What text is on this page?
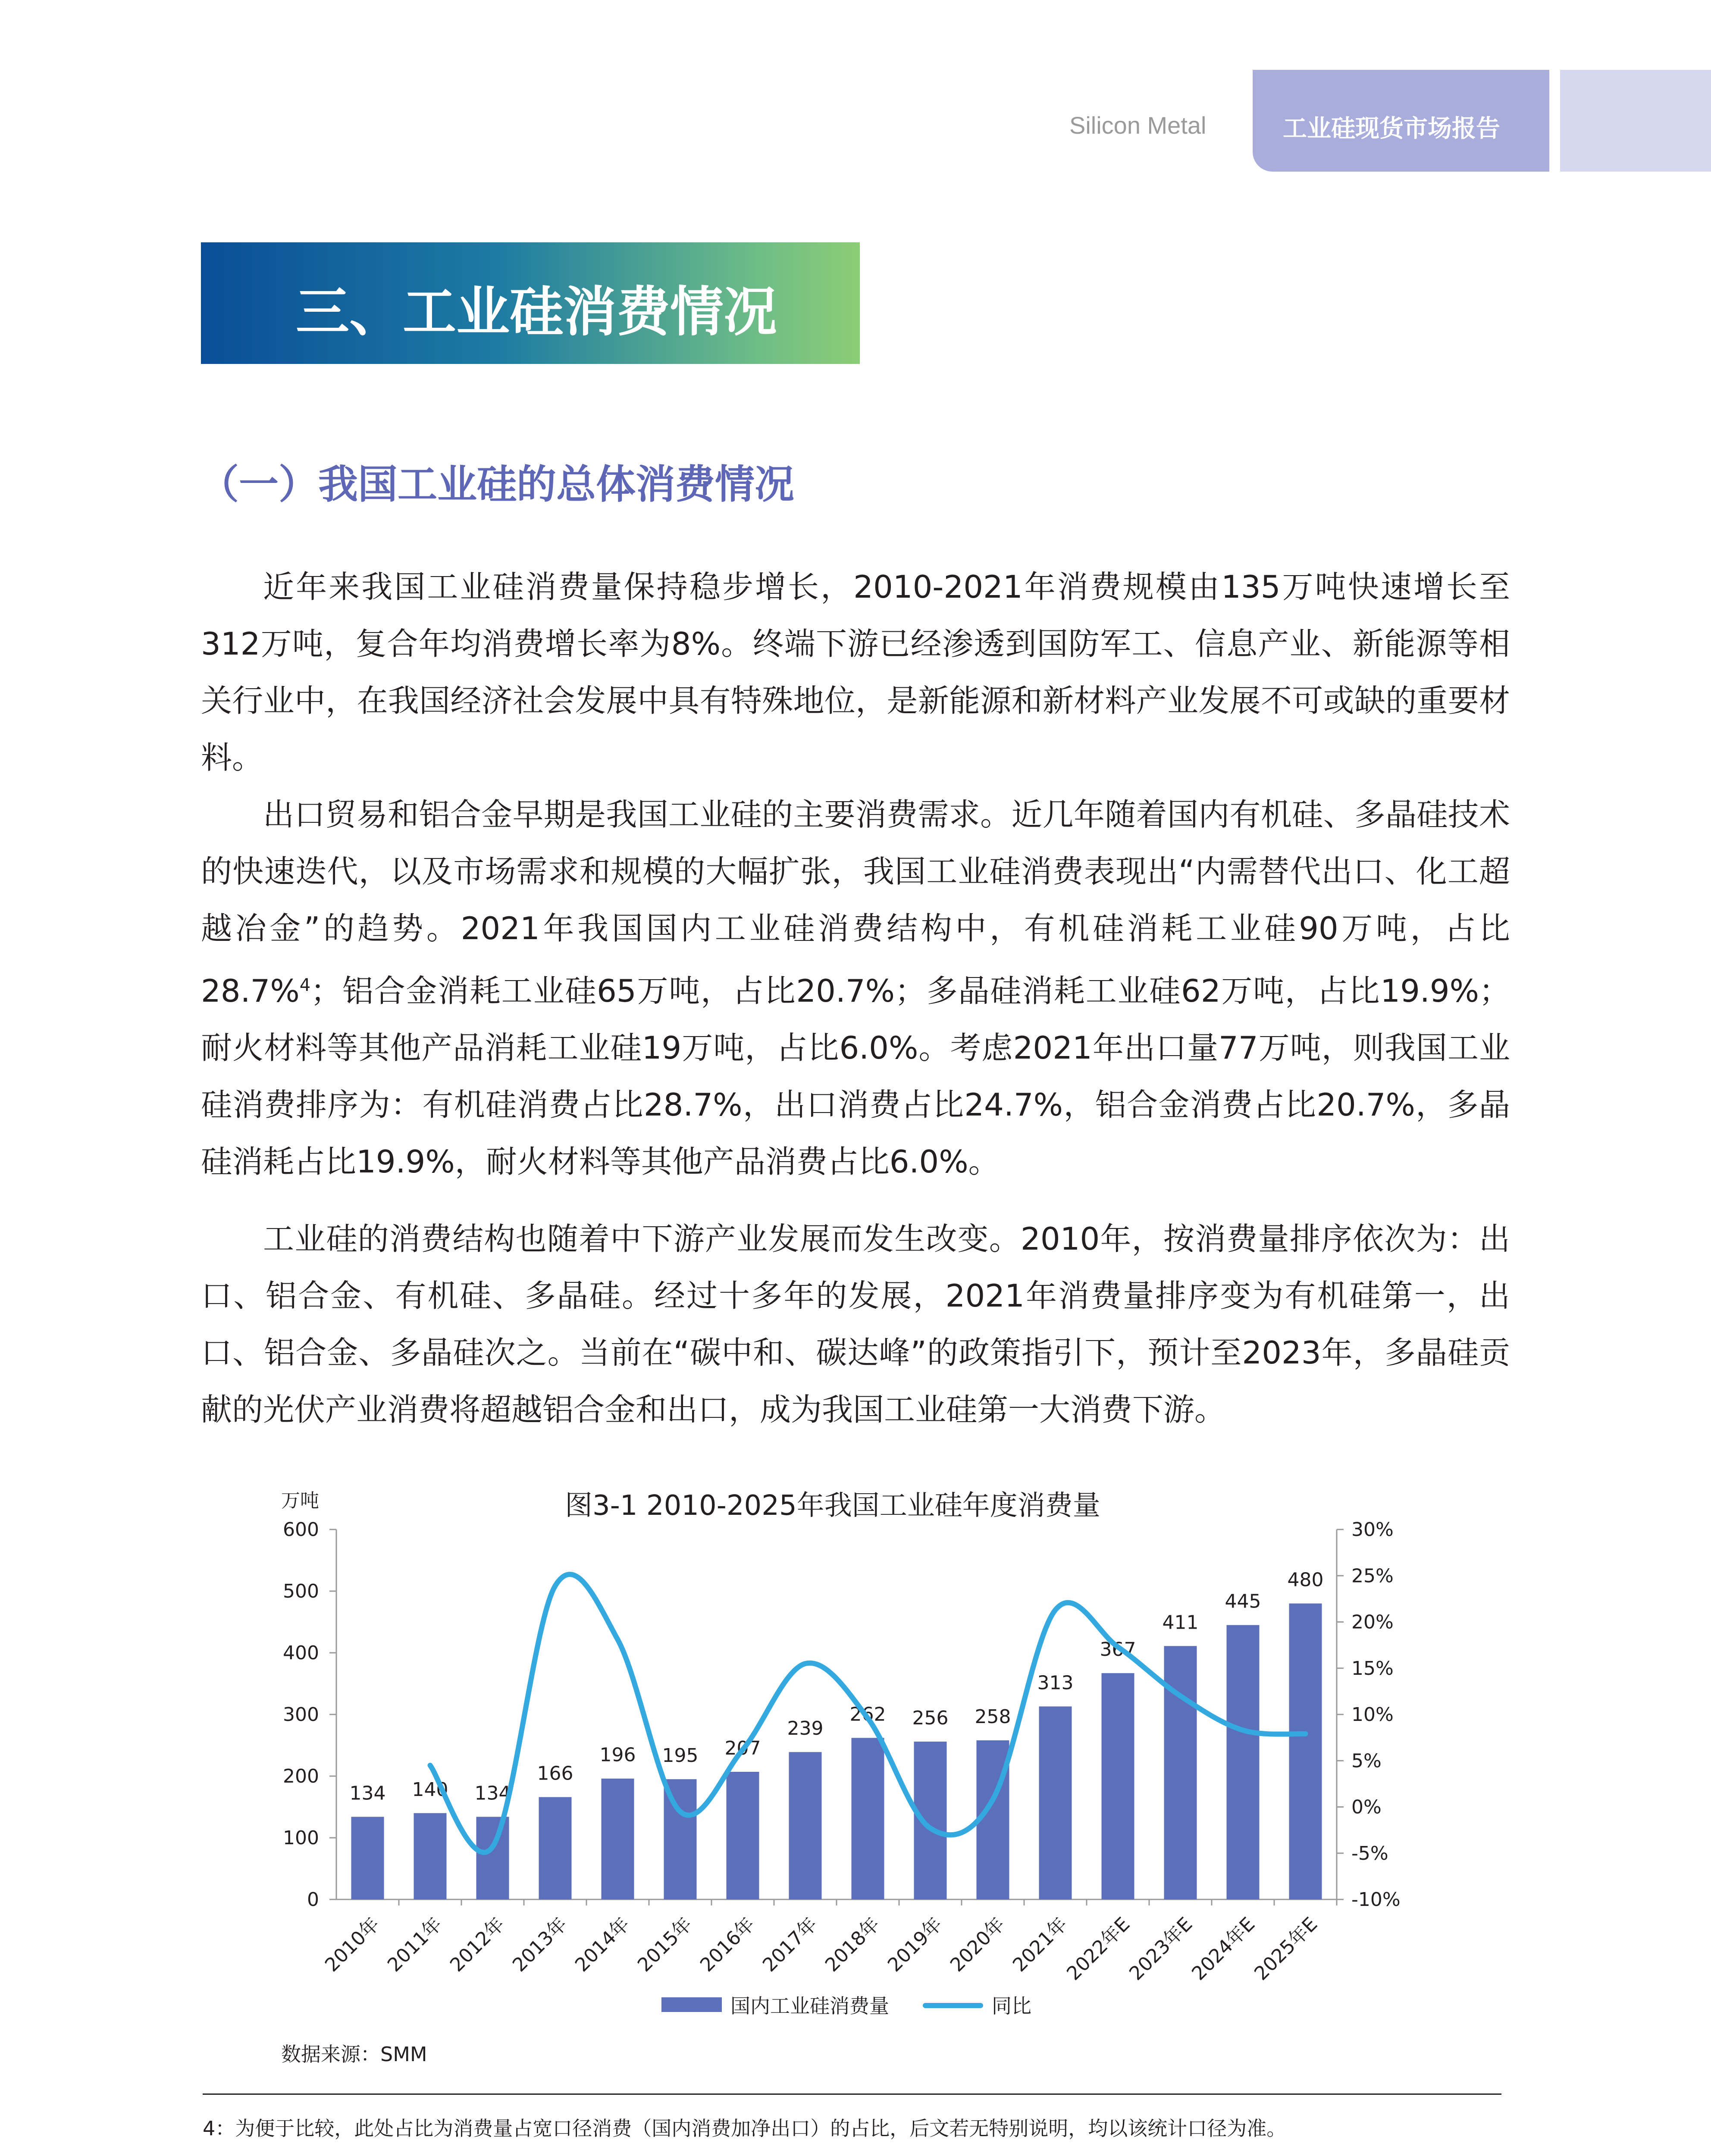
Silicon Metal	工业硅现货市场报告
三、工业硅消费情况
（一）我国工业硅的总体消费情况
近年来我国工业硅消费量保持稳步增长，2010-2021年消费规模由135万吨快速增长至312万吨，复合年均消费增长率为8%。终端下游已经渗透到国防军工、信息产业、新能源等相关行业中，在我国经济社会发展中具有特殊地位，是新能源和新材料产业发展不可或缺的重要材料。
出口贸易和铝合金早期是我国工业硅的主要消费需求。近几年随着国内有机硅、多晶硅技术的快速迭代，以及市场需求和规模的大幅扩张，我国工业硅消费表现出“内需替代出口、化工超越冶金”的趋势。2021年我国国内工业硅消费结构中，有机硅消耗工业硅90万吨，占比28.7%$^4$；铝合金消耗工业硅65万吨，占比20.7%；多晶硅消耗工业硅62万吨，占比19.9%；耐火材料等其他产品消耗工业硅19万吨，占比6.0%。考虑2021年出口量77万吨，则我国工业硅消费排序为：有机硅消费占比28.7%，出口消费占比24.7%，铝合金消费占比20.7%，多晶硅消耗占比19.9%，耐火材料等其他产品消费占比6.0%。
工业硅的消费结构也随着中下游产业发展而发生改变。2010年，按消费量排序依次为：出口、铝合金、有机硅、多晶硅。经过十多年的发展，2021年消费量排序变为有机硅第一，出口、铝合金、多晶硅次之。当前在“碳中和、碳达峰”的政策指引下，预计至2023年，多晶硅贡献的光伏产业消费将超越铝合金和出口，成为我国工业硅第一大消费下游。
万吨	图3-1 2010-2025年我国工业硅年度消费量
0
100
200
300
400
500
600
-10%
-5%
0%
5%
10%
15%
20%
25%
30%
134
2010年
140
2011年
134
2012年
166
2013年
196
2014年
195
2015年
207
2016年
239
2017年
262
2018年
256
2019年
258
2020年
313
2021年
367
2022年E
411
2023年E
445
2024年E
480
2025年E
国内工业硅消费量	同比
数据来源：SMM
4：为便于比较，此处占比为消费量占宽口径消费（国内消费加净出口）的占比，后文若无特别说明，均以该统计口径为准。
